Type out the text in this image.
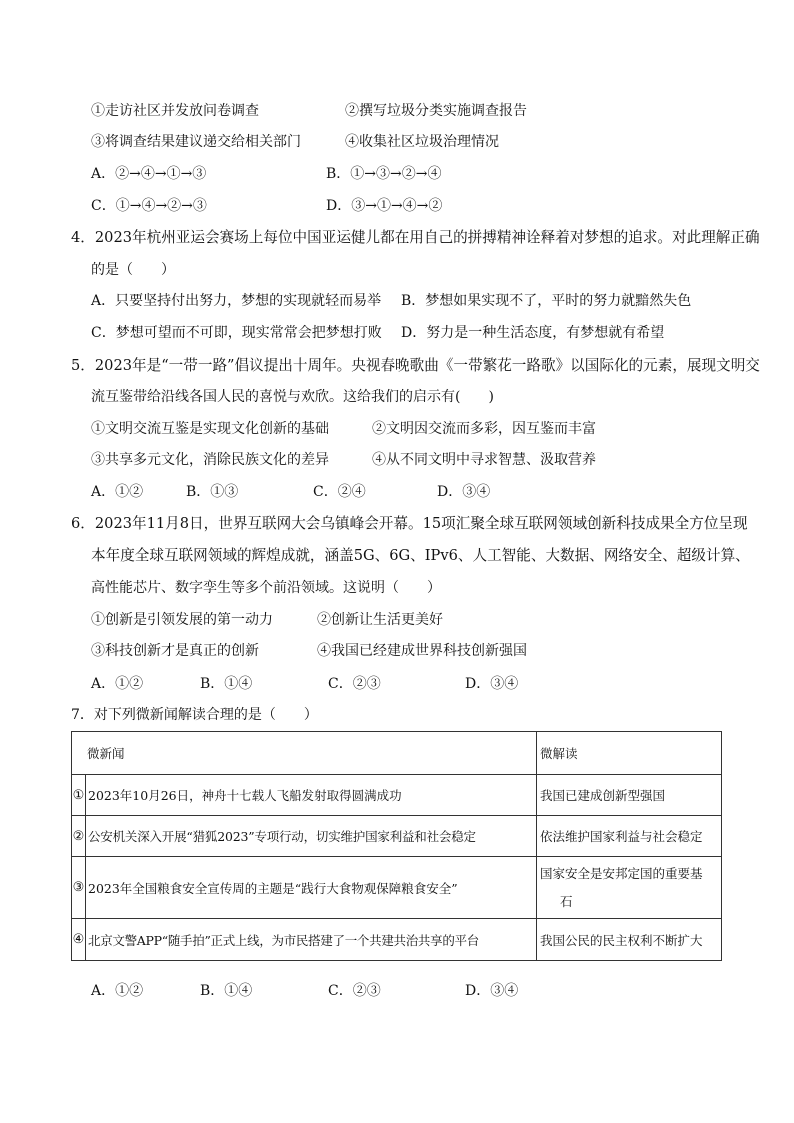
①走访社区并发放问卷调查	②撰写垃圾分类实施调查报告
③将调查结果建议递交给相关部门	④收集社区垃圾治理情况
A．②→④→①→③	B．①→③→②→④
C．①→④→②→③	D．③→①→④→②
4．2023年杭州亚运会赛场上每位中国亚运健儿都在用自己的拼搏精神诠释着对梦想的追求。对此理解正确
的是（　　）
A．只要坚持付出努力，梦想的实现就轻而易举 B．梦想如果实现不了，平时的努力就黯然失色
C．梦想可望而不可即，现实常常会把梦想打败 D．努力是一种生活态度，有梦想就有希望
5．2023年是“一带一路”倡议提出十周年。央视春晚歌曲《一带繁花一路歌》以国际化的元素，展现文明交
流互鉴带给沿线各国人民的喜悦与欢欣。这给我们的启示有(　　)
①文明交流互鉴是实现文化创新的基础	②文明因交流而多彩，因互鉴而丰富
③共享多元文化，消除民族文化的差异	④从不同文明中寻求智慧、汲取营养
A．①②	B．①③	C．②④	D．③④
6．2023年11月8日，世界互联网大会乌镇峰会开幕。15项汇聚全球互联网领域创新科技成果全方位呈现
本年度全球互联网领域的辉煌成就，涵盖5G、6G、IPv6、人工智能、大数据、网络安全、超级计算、
高性能芯片、数字孪生等多个前沿领域。这说明（　　）
①创新是引领发展的第一动力	②创新让生活更美好
③科技创新才是真正的创新	④我国已经建成世界科技创新强国
A．①②	B．①④	C．②③	D．③④
7．对下列微新闻解读合理的是（　　）
微新闻		微解读
①	2023年10月26日，神舟十七载人飞船发射取得圆满成功	我国已建成创新型强国
②	公安机关深入开展“猎狐2023”专项行动，切实维护国家利益和社会稳定	依法维护国家利益与社会稳定
③	2023年全国粮食安全宣传周的主题是“践行大食物观保障粮食安全”	国家安全是安邦定国的重要基
石

④	北京文警APP“随手拍”正式上线，为市民搭建了一个共建共治共享的平台	我国公民的民主权利不断扩大
A．①②	B．①④	C．②③	D．③④
